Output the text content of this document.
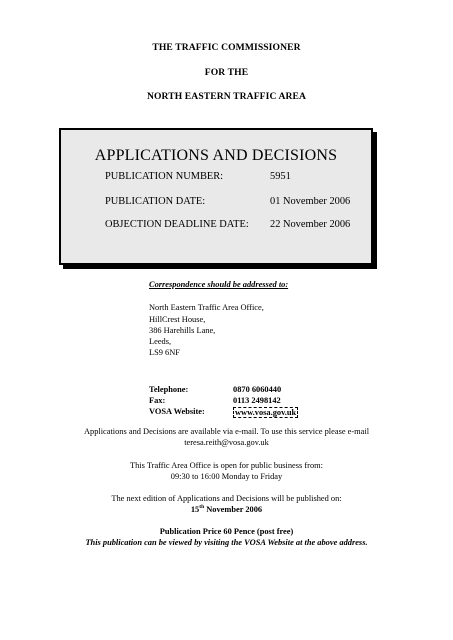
THE TRAFFIC COMMISSIONER
FOR THE
NORTH EASTERN TRAFFIC AREA
APPLICATIONS AND DECISIONS
PUBLICATION NUMBER:	5951
PUBLICATION DATE:	01 November 2006
OBJECTION DEADLINE DATE: 22 November 2006
Correspondence should be addressed to:
North Eastern Traffic Area Office,
HillCrest House,
386 Harehills Lane,
Leeds,
LS9 6NF
Telephone:	0870 6060440
Fax:	0113 2498142
VOSA Website:	www.vosa.gov.uk
Applications and Decisions are available via e-mail. To use this service please e-mail
teresa.reith@vosa.gov.uk
This Traffic Area Office is open for public business from:
09:30 to 16:00 Monday to Friday
The next edition of Applications and Decisions will be published on:
15th November 2006
Publication Price 60 Pence (post free)
This publication can be viewed by visiting the VOSA Website at the above address.
